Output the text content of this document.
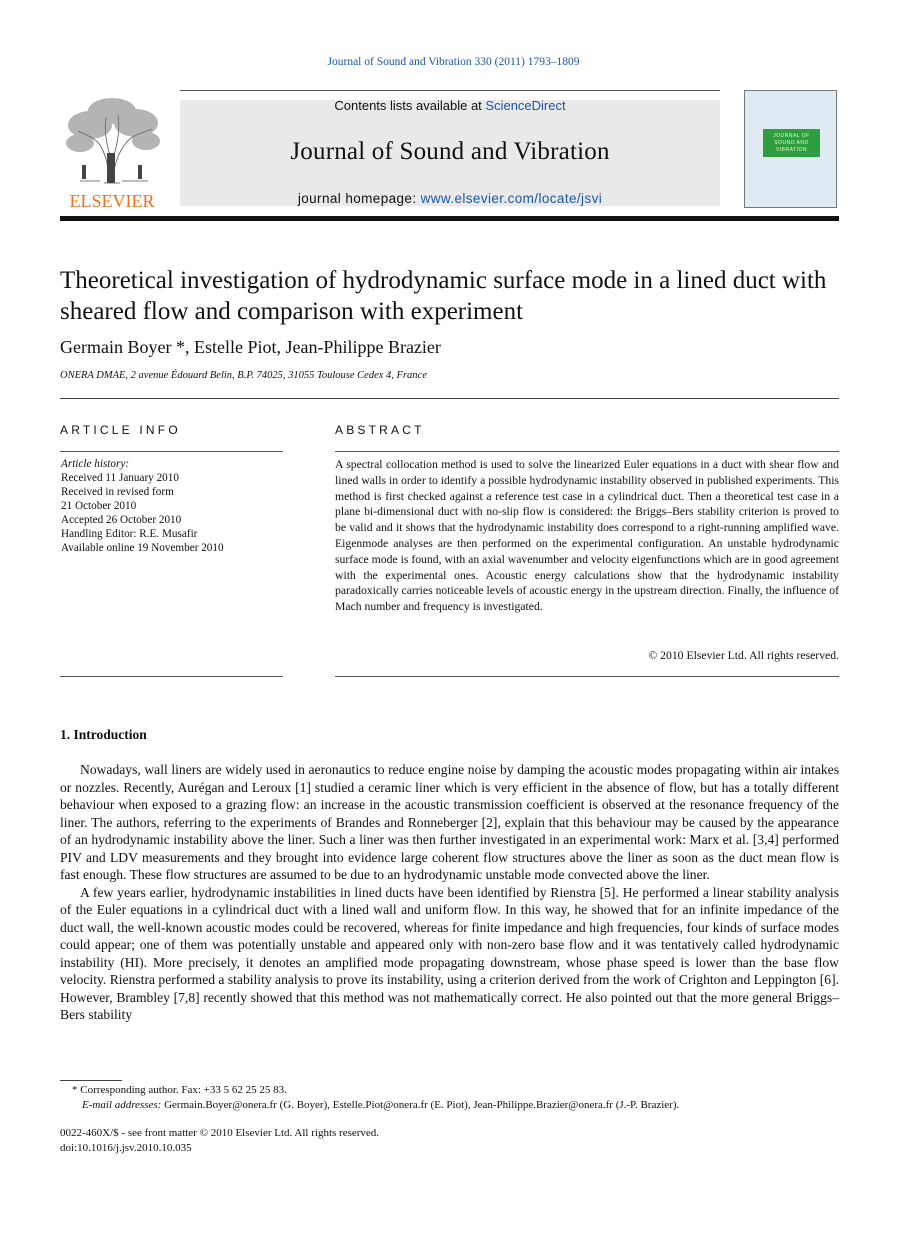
Journal of Sound and Vibration 330 (2011) 1793–1809
ELSEVIER
Contents lists available at ScienceDirect
Journal of Sound and Vibration
journal homepage: www.elsevier.com/locate/jsvi
JOURNAL OF SOUND AND VIBRATION
Theoretical investigation of hydrodynamic surface mode in a lined duct with sheared flow and comparison with experiment
Germain Boyer *, Estelle Piot, Jean-Philippe Brazier
ONERA DMAE, 2 avenue Édouard Belin, B.P. 74025, 31055 Toulouse Cedex 4, France
ARTICLE INFO
Article history:
Received 11 January 2010
Received in revised form
21 October 2010
Accepted 26 October 2010
Handling Editor: R.E. Musafir
Available online 19 November 2010
ABSTRACT
A spectral collocation method is used to solve the linearized Euler equations in a duct with shear flow and lined walls in order to identify a possible hydrodynamic instability observed in published experiments. This method is first checked against a reference test case in a cylindrical duct. Then a theoretical test case in a plane bi-dimensional duct with no-slip flow is considered: the Briggs–Bers stability criterion is proved to be valid and it shows that the hydrodynamic instability does correspond to a right-running amplified wave. Eigenmode analyses are then performed on the experimental configuration. An unstable hydrodynamic surface mode is found, with an axial wavenumber and velocity eigenfunctions which are in good agreement with the experimental ones. Acoustic energy calculations show that the hydrodynamic instability paradoxically carries noticeable levels of acoustic energy in the upstream direction. Finally, the influence of Mach number and frequency is investigated.
© 2010 Elsevier Ltd. All rights reserved.
1. Introduction

Nowadays, wall liners are widely used in aeronautics to reduce engine noise by damping the acoustic modes propagating within air intakes or nozzles. Recently, Aurégan and Leroux [1] studied a ceramic liner which is very efficient in the absence of flow, but has a totally different behaviour when exposed to a grazing flow: an increase in the acoustic transmission coefficient is observed at the resonance frequency of the liner. The authors, referring to the experiments of Brandes and Ronneberger [2], explain that this behaviour may be caused by the appearance of an hydrodynamic instability above the liner. Such a liner was then further investigated in an experimental work: Marx et al. [3,4] performed PIV and LDV measurements and they brought into evidence large coherent flow structures above the liner as soon as the duct mean flow is fast enough. These flow structures are assumed to be due to an hydrodynamic unstable mode convected above the liner.

A few years earlier, hydrodynamic instabilities in lined ducts have been identified by Rienstra [5]. He performed a linear stability analysis of the Euler equations in a cylindrical duct with a lined wall and uniform flow. In this way, he showed that for an infinite impedance of the duct wall, the well-known acoustic modes could be recovered, whereas for finite impedance and high frequencies, four kinds of surface modes could appear; one of them was potentially unstable and appeared only with non-zero base flow and it was tentatively called hydrodynamic instability (HI). More precisely, it denotes an amplified mode propagating downstream, whose phase speed is lower than the base flow velocity. Rienstra performed a stability analysis to prove its instability, using a criterion derived from the work of Crighton and Leppington [6]. However, Brambley [7,8] recently showed that this method was not mathematically correct. He also pointed out that the more general Briggs–Bers stability

* Corresponding author. Fax: +33 5 62 25 25 83.
E-mail addresses: Germain.Boyer@onera.fr (G. Boyer), Estelle.Piot@onera.fr (E. Piot), Jean-Philippe.Brazier@onera.fr (J.-P. Brazier).
0022-460X/$ - see front matter © 2010 Elsevier Ltd. All rights reserved.
doi:10.1016/j.jsv.2010.10.035
